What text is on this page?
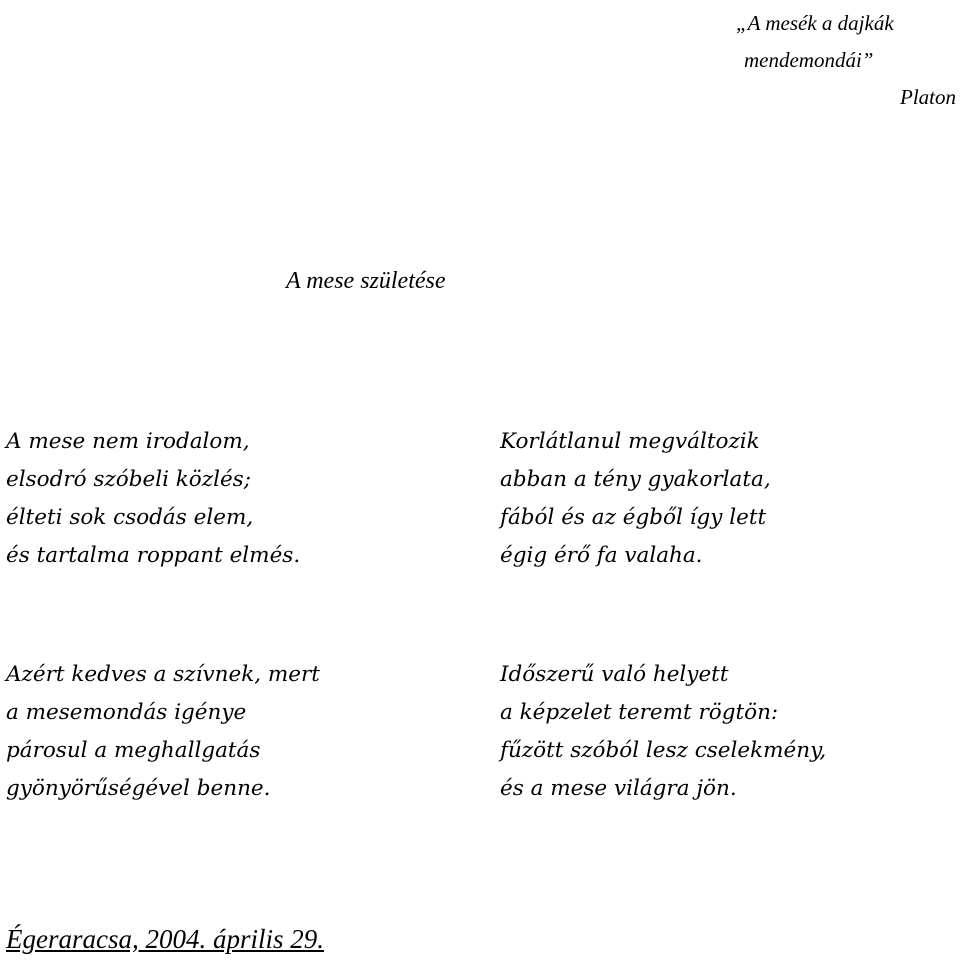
„A mesék a dajkák
mendemondái”
Platon
A mese születése
A mese nem irodalom,
elsodró szóbeli közlés;
élteti sok csodás elem,
és tartalma roppant elmés.
Korlátlanul megváltozik
abban a tény gyakorlata,
fából és az égből így lett
égig érő fa valaha.
Azért kedves a szívnek, mert
a mesemondás igénye
párosul a meghallgatás
gyönyörűségével benne.
Időszerű való helyett
a képzelet teremt rögtön:
fűzött szóból lesz cselekmény,
és a mese világra jön.
Égeraracsa, 2004. április 29.
